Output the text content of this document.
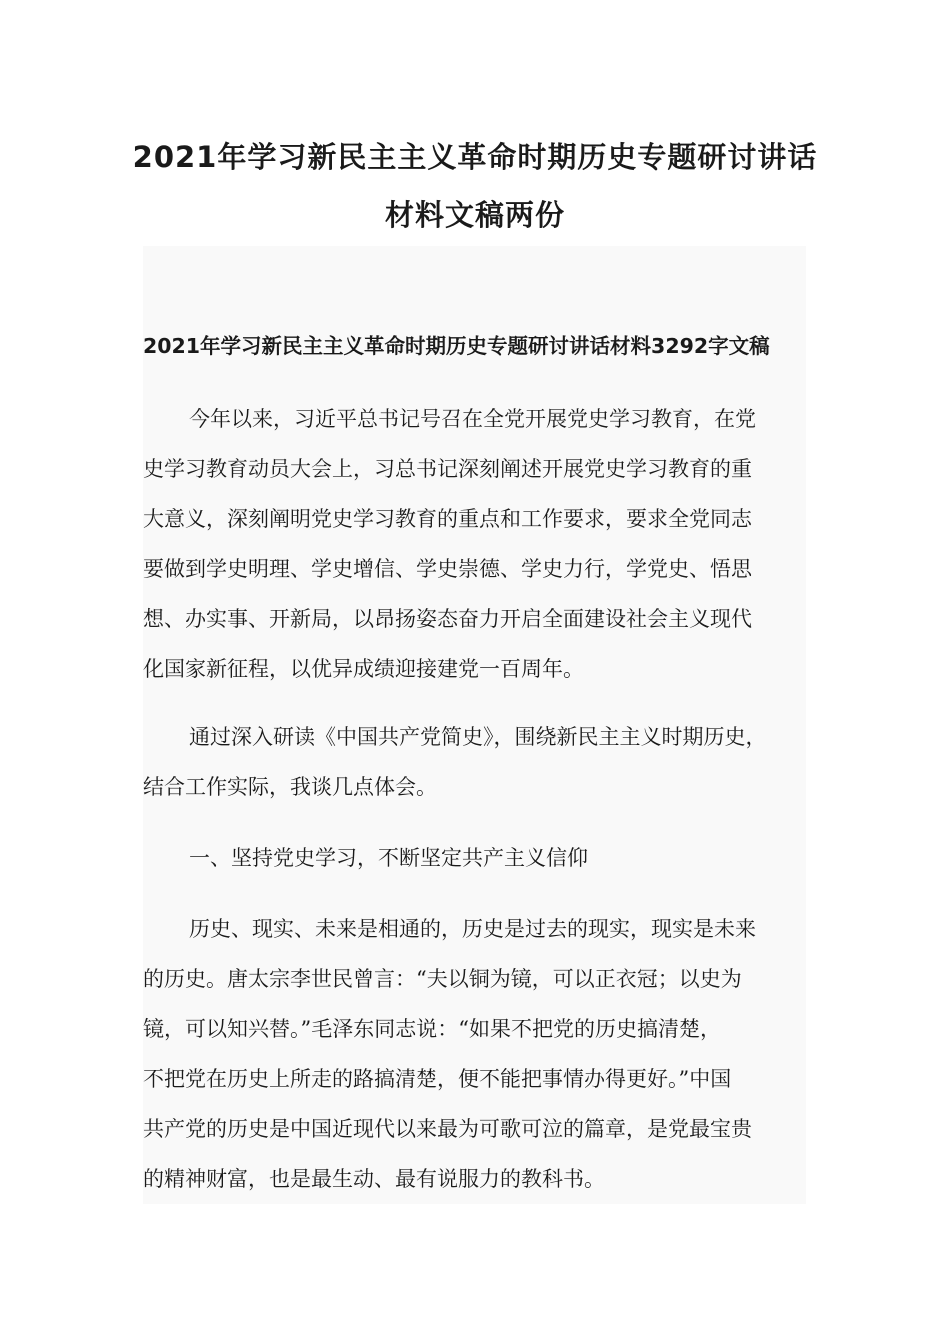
2021年学习新民主主义革命时期历史专题研讨讲话
材料文稿两份
2021年学习新民主主义革命时期历史专题研讨讲话材料3292字文稿
今年以来，习近平总书记号召在全党开展党史学习教育，在党
史学习教育动员大会上，习总书记深刻阐述开展党史学习教育的重
大意义，深刻阐明党史学习教育的重点和工作要求，要求全党同志
要做到学史明理、学史增信、学史崇德、学史力行，学党史、悟思
想、办实事、开新局，以昂扬姿态奋力开启全面建设社会主义现代
化国家新征程，以优异成绩迎接建党一百周年。
通过深入研读《中国共产党简史》，围绕新民主主义时期历史，
结合工作实际，我谈几点体会。
一、坚持党史学习，不断坚定共产主义信仰
历史、现实、未来是相通的，历史是过去的现实，现实是未来
的历史。唐太宗李世民曾言：“夫以铜为镜，可以正衣冠；以史为
镜，可以知兴替。”毛泽东同志说：“如果不把党的历史搞清楚，
不把党在历史上所走的路搞清楚，便不能把事情办得更好。”中国
共产党的历史是中国近现代以来最为可歌可泣的篇章，是党最宝贵
的精神财富，也是最生动、最有说服力的教科书。
